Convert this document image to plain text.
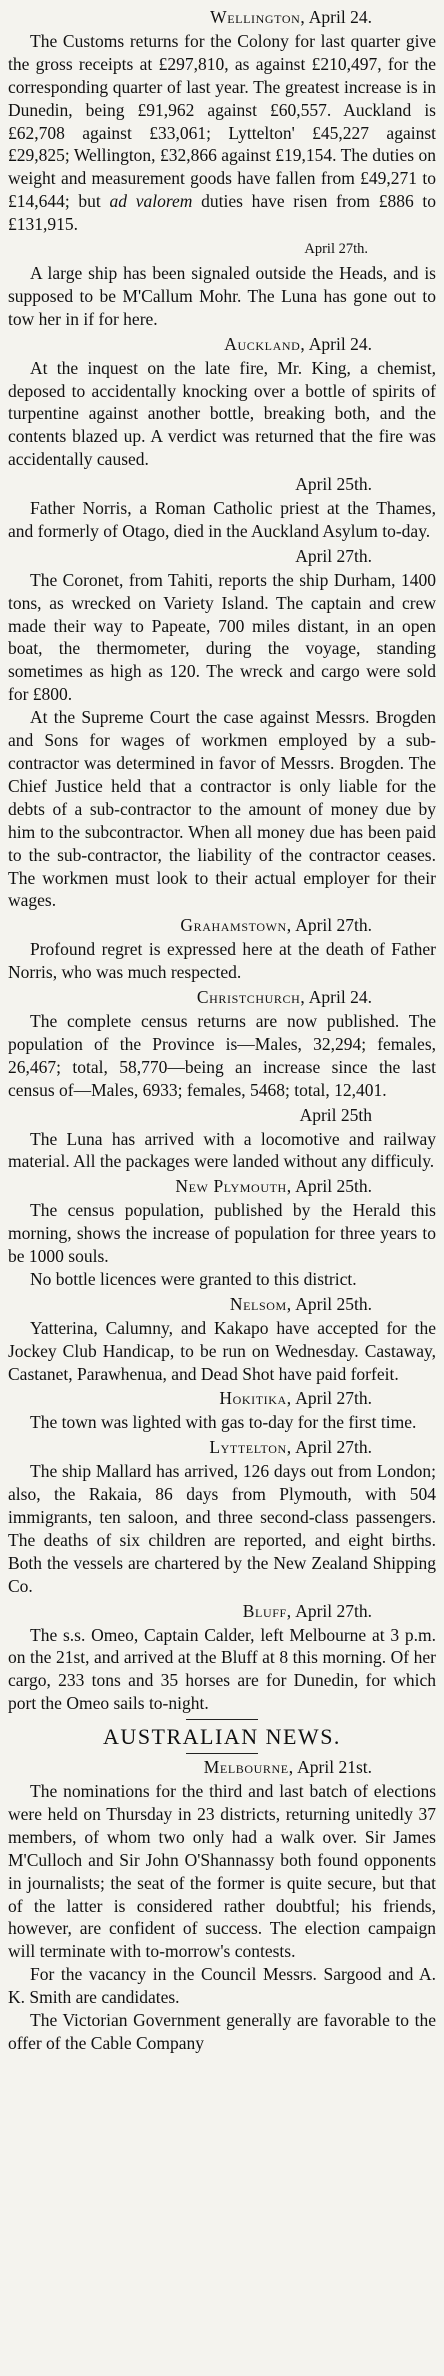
Wellington, April 24.

The Customs returns for the Colony for last quarter give the gross receipts at £297,810, as against £210,497, for the corresponding quarter of last year. The greatest increase is in Dunedin, being £91,962 against £60,557. Auckland is £62,708 against £33,061; Lyttelton' £45,227 against £29,825; Wellington, £32,866 against £19,154. The duties on weight and measurement goods have fallen from £49,271 to £14,644; but ad valorem duties have risen from £886 to £131,915.

April 27th.

A large ship has been signaled outside the Heads, and is supposed to be M'Callum Mohr. The Luna has gone out to tow her in if for here.

Auckland, April 24.

At the inquest on the late fire, Mr. King, a chemist, deposed to accidentally knocking over a bottle of spirits of turpentine against another bottle, breaking both, and the contents blazed up. A verdict was returned that the fire was accidentally caused.

April 25th.

Father Norris, a Roman Catholic priest at the Thames, and formerly of Otago, died in the Auckland Asylum to-day.

April 27th.

The Coronet, from Tahiti, reports the ship Durham, 1400 tons, as wrecked on Variety Island. The captain and crew made their way to Papeate, 700 miles distant, in an open boat, the thermometer, during the voyage, standing sometimes as high as 120. The wreck and cargo were sold for £800.

At the Supreme Court the case against Messrs. Brogden and Sons for wages of workmen employed by a sub-contractor was determined in favor of Messrs. Brogden. The Chief Justice held that a contractor is only liable for the debts of a sub-contractor to the amount of money due by him to the subcontractor. When all money due has been paid to the sub-contractor, the liability of the contractor ceases. The workmen must look to their actual employer for their wages.

Grahamstown, April 27th.

Profound regret is expressed here at the death of Father Norris, who was much respected.

Christchurch, April 24.

The complete census returns are now published. The population of the Province is—Males, 32,294; females, 26,467; total, 58,770—being an increase since the last census of—Males, 6933; females, 5468; total, 12,401.

April 25th

The Luna has arrived with a locomotive and railway material. All the packages were landed without any difficuly.

New Plymouth, April 25th.

The census population, published by the Herald this morning, shows the increase of population for three years to be 1000 souls.

No bottle licences were granted to this district.

Nelsom, April 25th.

Yatterina, Calumny, and Kakapo have accepted for the Jockey Club Handicap, to be run on Wednesday. Castaway, Castanet, Parawhenua, and Dead Shot have paid forfeit.

Hokitika, April 27th.

The town was lighted with gas to-day for the first time.

Lyttelton, April 27th.

The ship Mallard has arrived, 126 days out from London; also, the Rakaia, 86 days from Plymouth, with 504 immigrants, ten saloon, and three second-class passengers. The deaths of six children are reported, and eight births. Both the vessels are chartered by the New Zealand Shipping Co.

Bluff, April 27th.

The s.s. Omeo, Captain Calder, left Melbourne at 3 p.m. on the 21st, and arrived at the Bluff at 8 this morning. Of her cargo, 233 tons and 35 horses are for Dunedin, for which port the Omeo sails to-night.

AUSTRALIAN NEWS.
Melbourne, April 21st.

The nominations for the third and last batch of elections were held on Thursday in 23 districts, returning unitedly 37 members, of whom two only had a walk over. Sir James M'Culloch and Sir John O'Shannassy both found opponents in journalists; the seat of the former is quite secure, but that of the latter is considered rather doubtful; his friends, however, are confident of success. The election campaign will terminate with to-morrow's contests.

For the vacancy in the Council Messrs. Sargood and A. K. Smith are candidates.

The Victorian Government generally are favorable to the offer of the Cable Company
